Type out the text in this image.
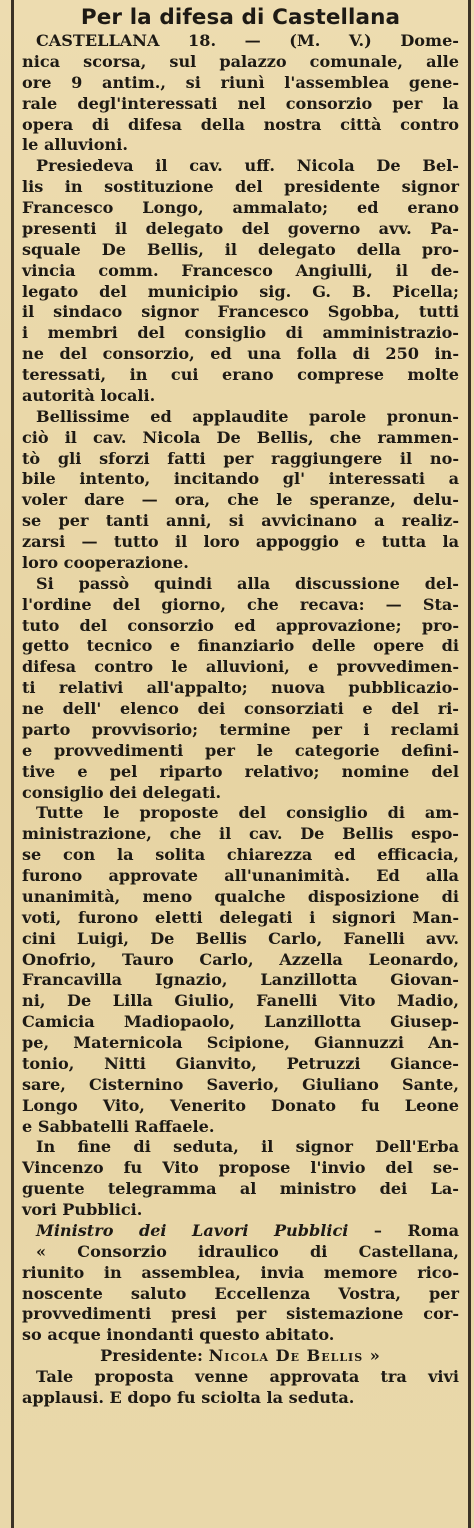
Per la difesa di Castellana
CASTELLANA 18. — (M. V.) Dome-
nica scorsa, sul palazzo comunale, alle
ore 9 antim., si riunì l'assemblea gene-
rale degl'interessati nel consorzio per la
opera di difesa della nostra città contro
le alluvioni.
Presiedeva il cav. uff. Nicola De Bel-
lis in sostituzione del presidente signor
Francesco Longo, ammalato; ed erano
presenti il delegato del governo avv. Pa-
squale De Bellis, il delegato della pro-
vincia comm. Francesco Angiulli, il de-
legato del municipio sig. G. B. Picella;
il sindaco signor Francesco Sgobba, tutti
i membri del consiglio di amministrazio-
ne del consorzio, ed una folla di 250 in-
teressati, in cui erano comprese molte
autorità locali.
Bellissime ed applaudite parole pronun-
ciò il cav. Nicola De Bellis, che rammen-
tò gli sforzi fatti per raggiungere il no-
bile intento, incitando gl' interessati a
voler dare — ora, che le speranze, delu-
se per tanti anni, si avvicinano a realiz-
zarsi — tutto il loro appoggio e tutta la
loro cooperazione.
Si passò quindi alla discussione del-
l'ordine del giorno, che recava: — Sta-
tuto del consorzio ed approvazione; pro-
getto tecnico e finanziario delle opere di
difesa contro le alluvioni, e provvedimen-
ti relativi all'appalto; nuova pubblicazio-
ne dell' elenco dei consorziati e del ri-
parto provvisorio; termine per i reclami
e provvedimenti per le categorie defini-
tive e pel riparto relativo; nomine del
consiglio dei delegati.
Tutte le proposte del consiglio di am-
ministrazione, che il cav. De Bellis espo-
se con la solita chiarezza ed efficacia,
furono approvate all'unanimità. Ed alla
unanimità, meno qualche disposizione di
voti, furono eletti delegati i signori Man-
cini Luigi, De Bellis Carlo, Fanelli avv.
Onofrio, Tauro Carlo, Azzella Leonardo,
Francavilla Ignazio, Lanzillotta Giovan-
ni, De Lilla Giulio, Fanelli Vito Madio,
Camicia Madiopaolo, Lanzillotta Giusep-
pe, Maternicola Scipione, Giannuzzi An-
tonio, Nitti Gianvito, Petruzzi Giance-
sare, Cisternino Saverio, Giuliano Sante,
Longo Vito, Venerito Donato fu Leone
e Sabbatelli Raffaele.
In fine di seduta, il signor Dell'Erba
Vincenzo fu Vito propose l'invio del se-
guente telegramma al ministro dei La-
vori Pubblici.
Ministro dei Lavori Pubblici – Roma
« Consorzio idraulico di Castellana,
riunito in assemblea, invia memore rico-
noscente saluto Eccellenza Vostra, per
provvedimenti presi per sistemazione cor-
so acque inondanti questo abitato.
Presidente: Nicola De Bellis »
Tale proposta venne approvata tra vivi
applausi. E dopo fu sciolta la seduta.
